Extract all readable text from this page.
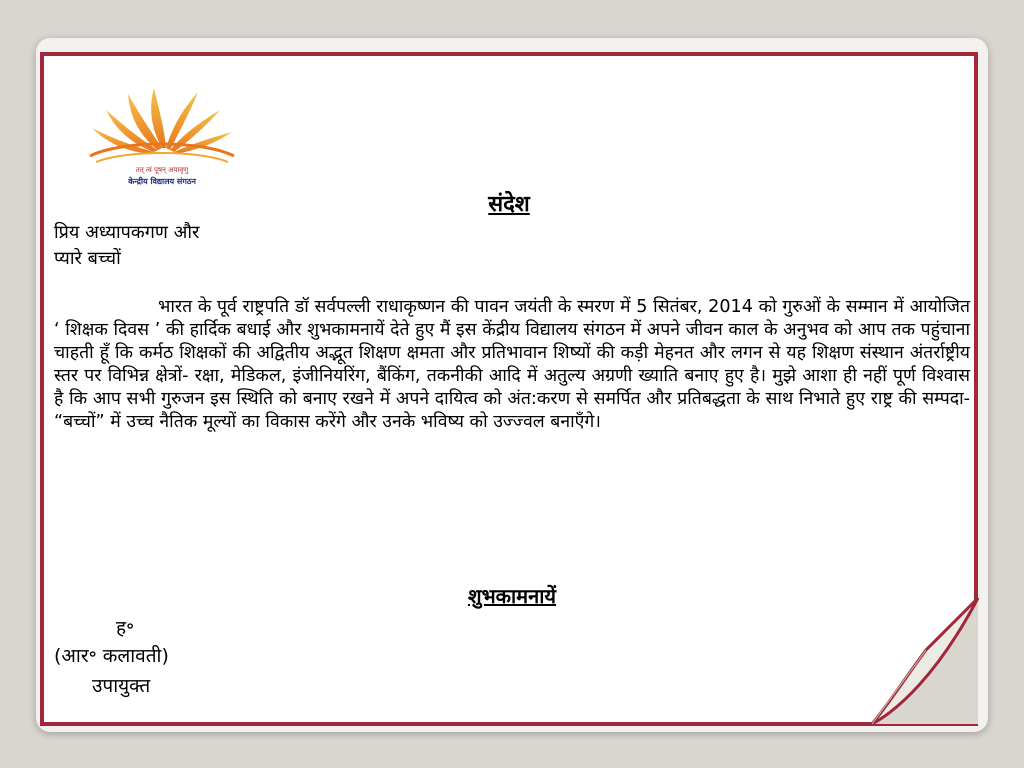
तत् त्वं पूषन् अपावृणु
केन्द्रीय विद्यालय संगठन
संदेश
प्रिय अध्यापकगण और
प्यारे बच्चों
भारत के पूर्व राष्ट्रपति डॉ सर्वपल्ली राधाकृष्णन की पावन जयंती के स्मरण में 5 सितंबर, 2014 को गुरुओं के सम्मान में आयोजित ‘ शिक्षक दिवस ’ की हार्दिक बधाई और शुभकामनायें देते हुए मैं इस केंद्रीय विद्यालय संगठन में अपने जीवन काल के अनुभव को आप तक पहुंचाना चाहती हूँ कि कर्मठ शिक्षकों की अद्वितीय अद्भूत शिक्षण क्षमता और प्रतिभावान शिष्यों की कड़ी मेहनत और लगन से यह शिक्षण संस्थान अंतर्राष्ट्रीय स्तर पर विभिन्न क्षेत्रों- रक्षा, मेडिकल, इंजीनियरिंग, बैंकिंग, तकनीकी आदि में अतुल्य अग्रणी ख्याति बनाए हुए है। मुझे आशा ही नहीं पूर्ण विश्वास है कि आप सभी गुरुजन इस स्थिति को बनाए रखने में अपने दायित्व को अंत:करण से समर्पित और प्रतिबद्धता के साथ निभाते हुए राष्ट्र की सम्पदा- “बच्चों” में उच्च नैतिक मूल्यों का विकास करेंगे और उनके भविष्य को उज्ज्वल बनाएँगे।
शुभकामनायें
ह॰
(आर॰ कलावती)
उपायुक्त
